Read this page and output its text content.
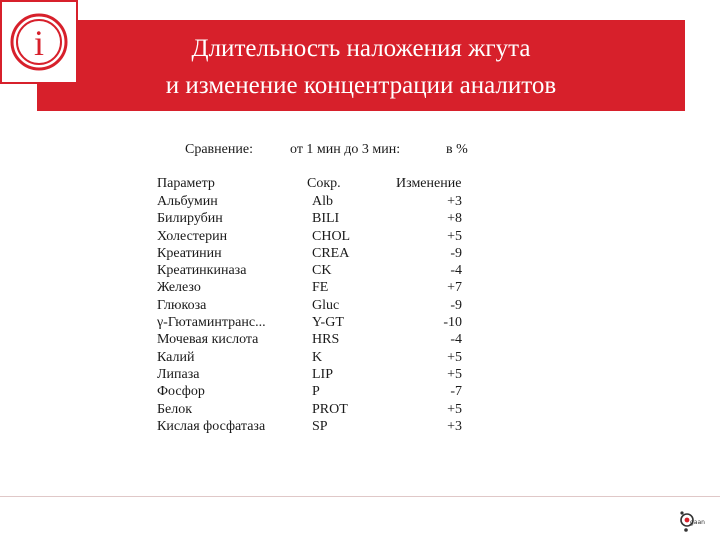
Длительность наложения жгута
и изменение концентрации аналитов
i
Сравнение:	от 1 мин до 3 мин:	в %
Параметр	Сокр.	Изменение
Альбумин	Alb	+3
Билирубин	BILI	+8
Холестерин	CHOL	+5
Креатинин	CREA	-9
Креатинкиназа	CK	-4
Железо	FE	+7
Глюкоза	Gluc	-9
γ-Гютаминтранс...	Y-GT	-10
Мочевая кислота	HRS	-4
Калий	K	+5
Липаза	LIP	+5
Фосфор	P	-7
Белок	PROT	+5
Кислая фосфатаза	SP	+3
gaan
